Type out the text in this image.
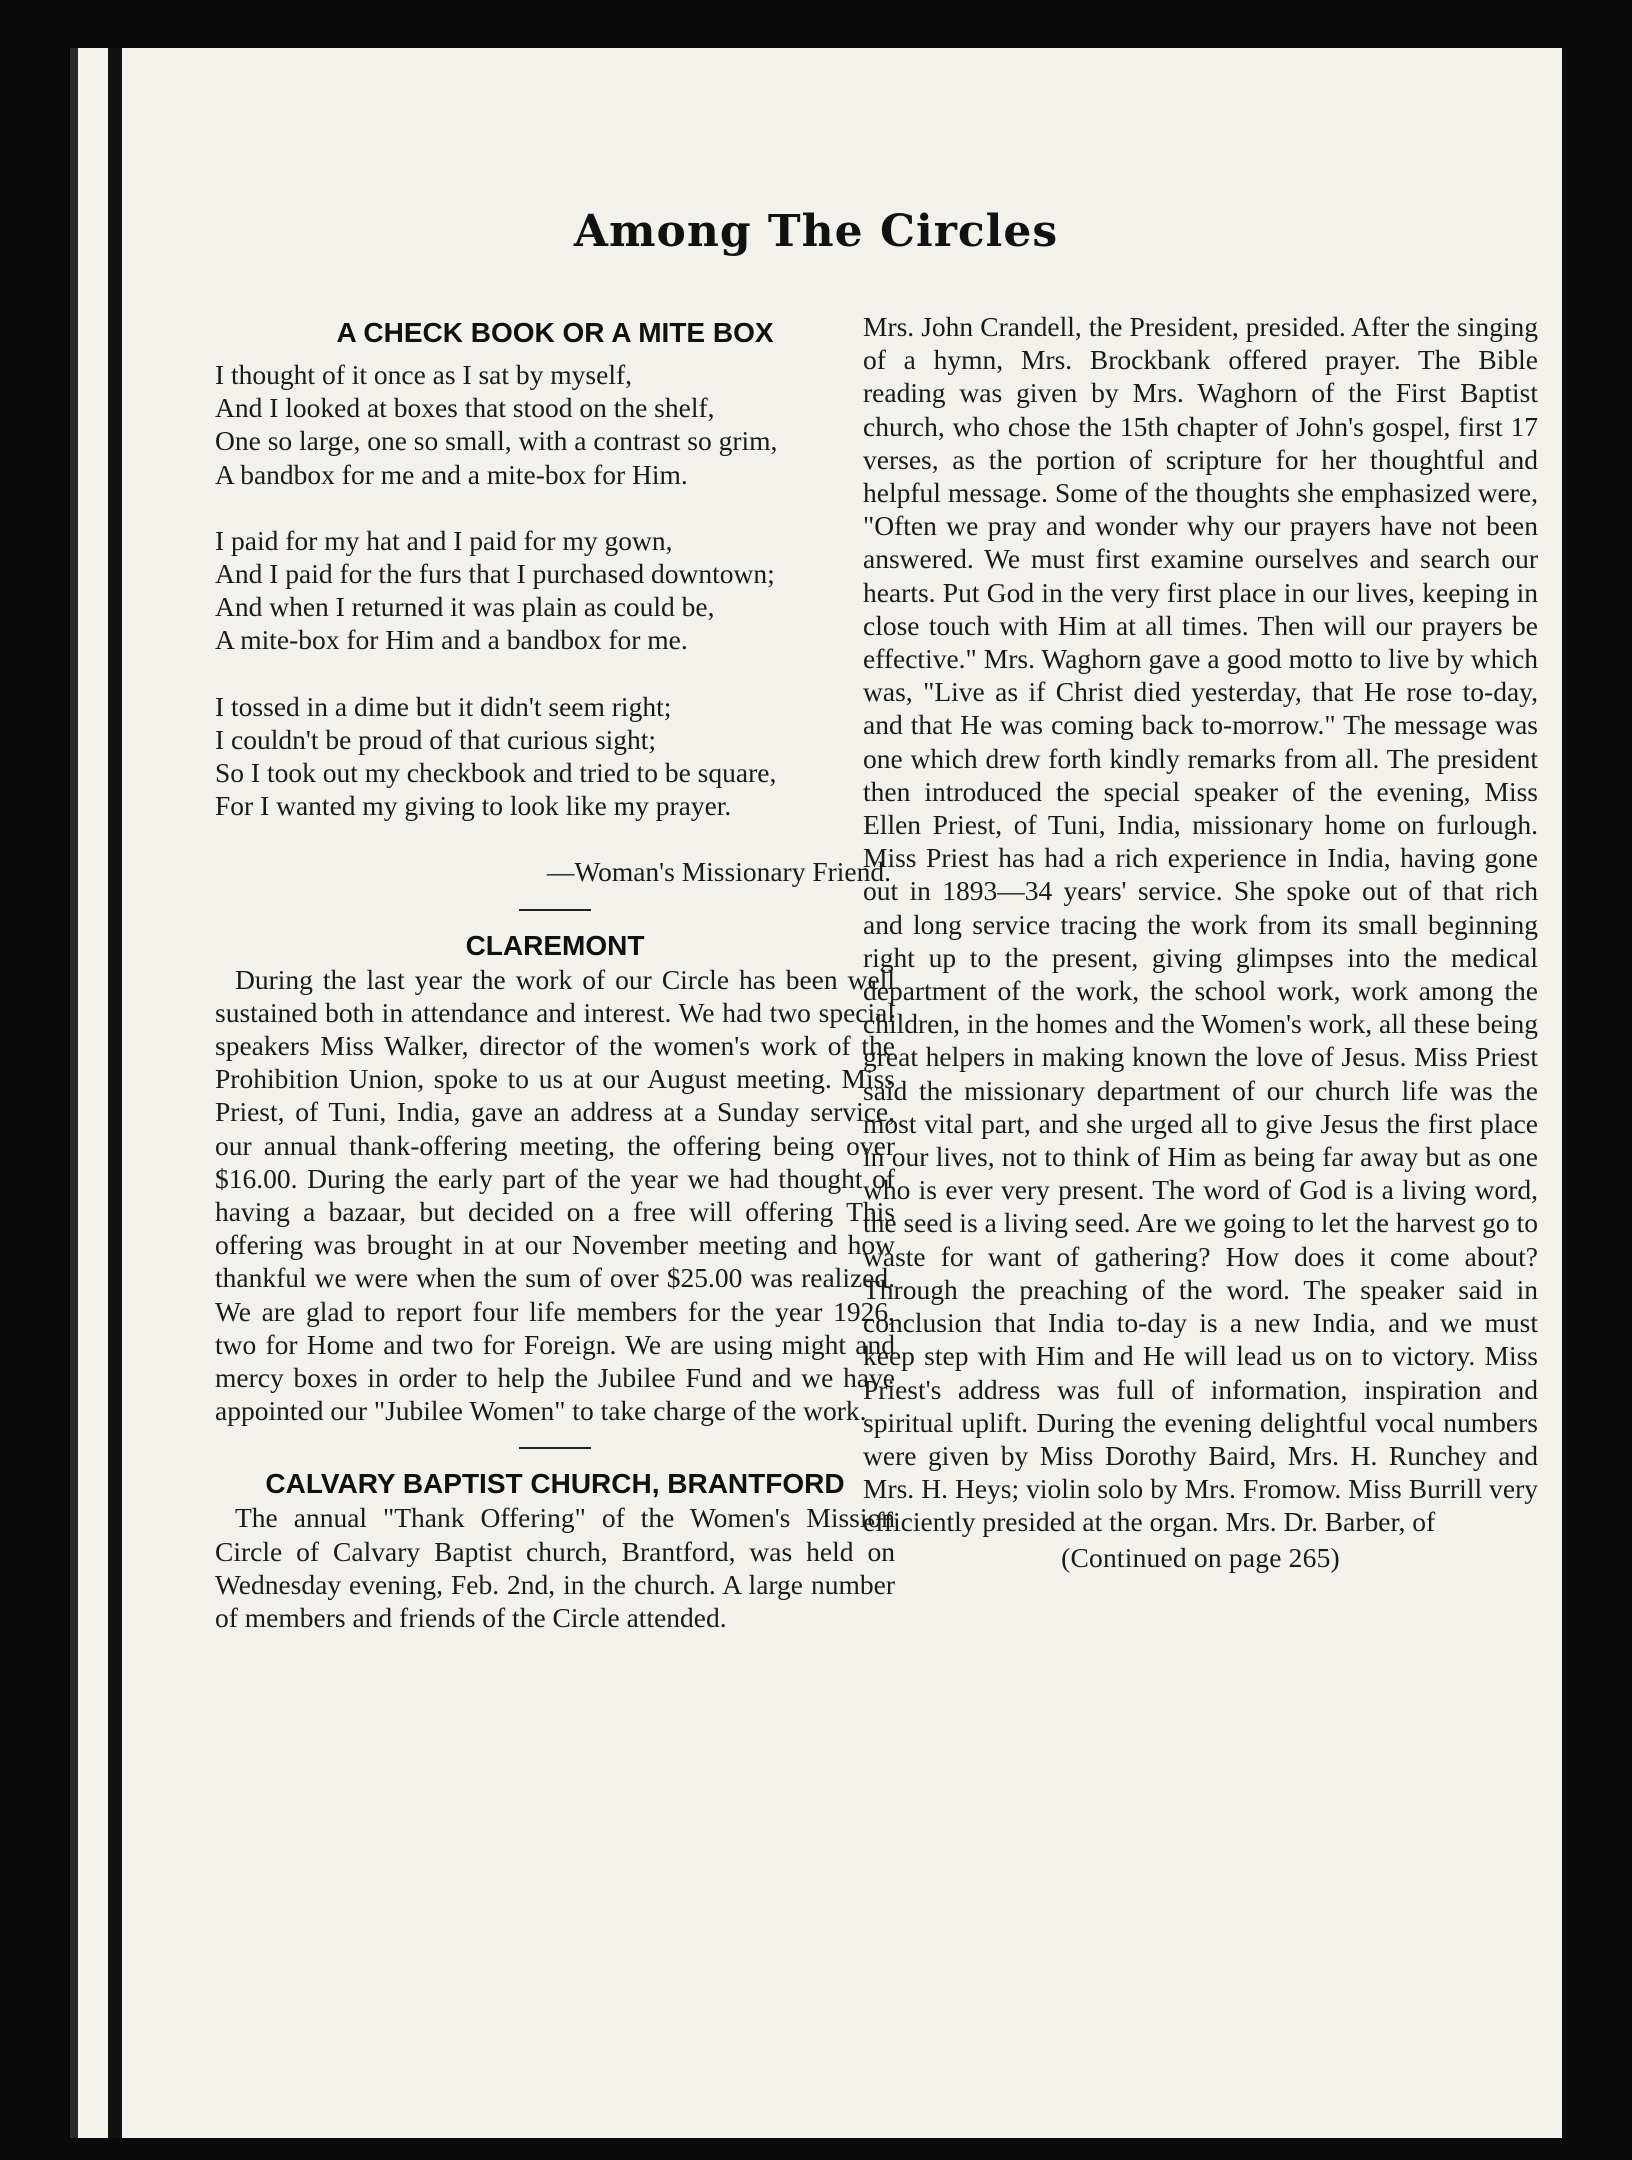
Among The Circles
A CHECK BOOK OR A MITE BOX
I thought of it once as I sat by myself,
And I looked at boxes that stood on the shelf,
One so large, one so small, with a contrast so grim,
A bandbox for me and a mite-box for Him.
I paid for my hat and I paid for my gown,
And I paid for the furs that I purchased downtown;
And when I returned it was plain as could be,
A mite-box for Him and a bandbox for me.
I tossed in a dime but it didn't seem right;
I couldn't be proud of that curious sight;
So I took out my checkbook and tried to be square,
For I wanted my giving to look like my prayer.
—Woman's Missionary Friend.
CLAREMONT

During the last year the work of our Circle has been well sustained both in attendance and interest. We had two special speakers Miss Walker, director of the women's work of the Prohibition Union, spoke to us at our August meeting. Miss Priest, of Tuni, India, gave an address at a Sunday service, our annual thank-offering meeting, the offering being over $16.00. During the early part of the year we had thought of having a bazaar, but decided on a free will offering This offering was brought in at our November meeting and how thankful we were when the sum of over $25.00 was realized. We are glad to report four life members for the year 1926, two for Home and two for Foreign. We are using might and mercy boxes in order to help the Jubilee Fund and we have appointed our "Jubilee Women" to take charge of the work.

CALVARY BAPTIST CHURCH, BRANTFORD

The annual "Thank Offering" of the Women's Mission Circle of Calvary Baptist church, Brantford, was held on Wednesday evening, Feb. 2nd, in the church. A large number of members and friends of the Circle attended.

Mrs. John Crandell, the President, presided. After the singing of a hymn, Mrs. Brockbank offered prayer. The Bible reading was given by Mrs. Waghorn of the First Baptist church, who chose the 15th chapter of John's gospel, first 17 verses, as the portion of scripture for her thoughtful and helpful message. Some of the thoughts she emphasized were, "Often we pray and wonder why our prayers have not been answered. We must first examine ourselves and search our hearts. Put God in the very first place in our lives, keeping in close touch with Him at all times. Then will our prayers be effective." Mrs. Waghorn gave a good motto to live by which was, "Live as if Christ died yesterday, that He rose to-day, and that He was coming back to-morrow." The message was one which drew forth kindly remarks from all. The president then introduced the special speaker of the evening, Miss Ellen Priest, of Tuni, India, missionary home on furlough. Miss Priest has had a rich experience in India, having gone out in 1893—34 years' service. She spoke out of that rich and long service tracing the work from its small beginning right up to the present, giving glimpses into the medical department of the work, the school work, work among the children, in the homes and the Women's work, all these being great helpers in making known the love of Jesus. Miss Priest said the missionary department of our church life was the most vital part, and she urged all to give Jesus the first place in our lives, not to think of Him as being far away but as one who is ever very present. The word of God is a living word, the seed is a living seed. Are we going to let the harvest go to waste for want of gathering? How does it come about? Through the preaching of the word. The speaker said in conclusion that India to-day is a new India, and we must keep step with Him and He will lead us on to victory. Miss Priest's address was full of information, inspiration and spiritual uplift. During the evening delightful vocal numbers were given by Miss Dorothy Baird, Mrs. H. Runchey and Mrs. H. Heys; violin solo by Mrs. Fromow. Miss Burrill very efficiently presided at the organ. Mrs. Dr. Barber, of

(Continued on page 265)
